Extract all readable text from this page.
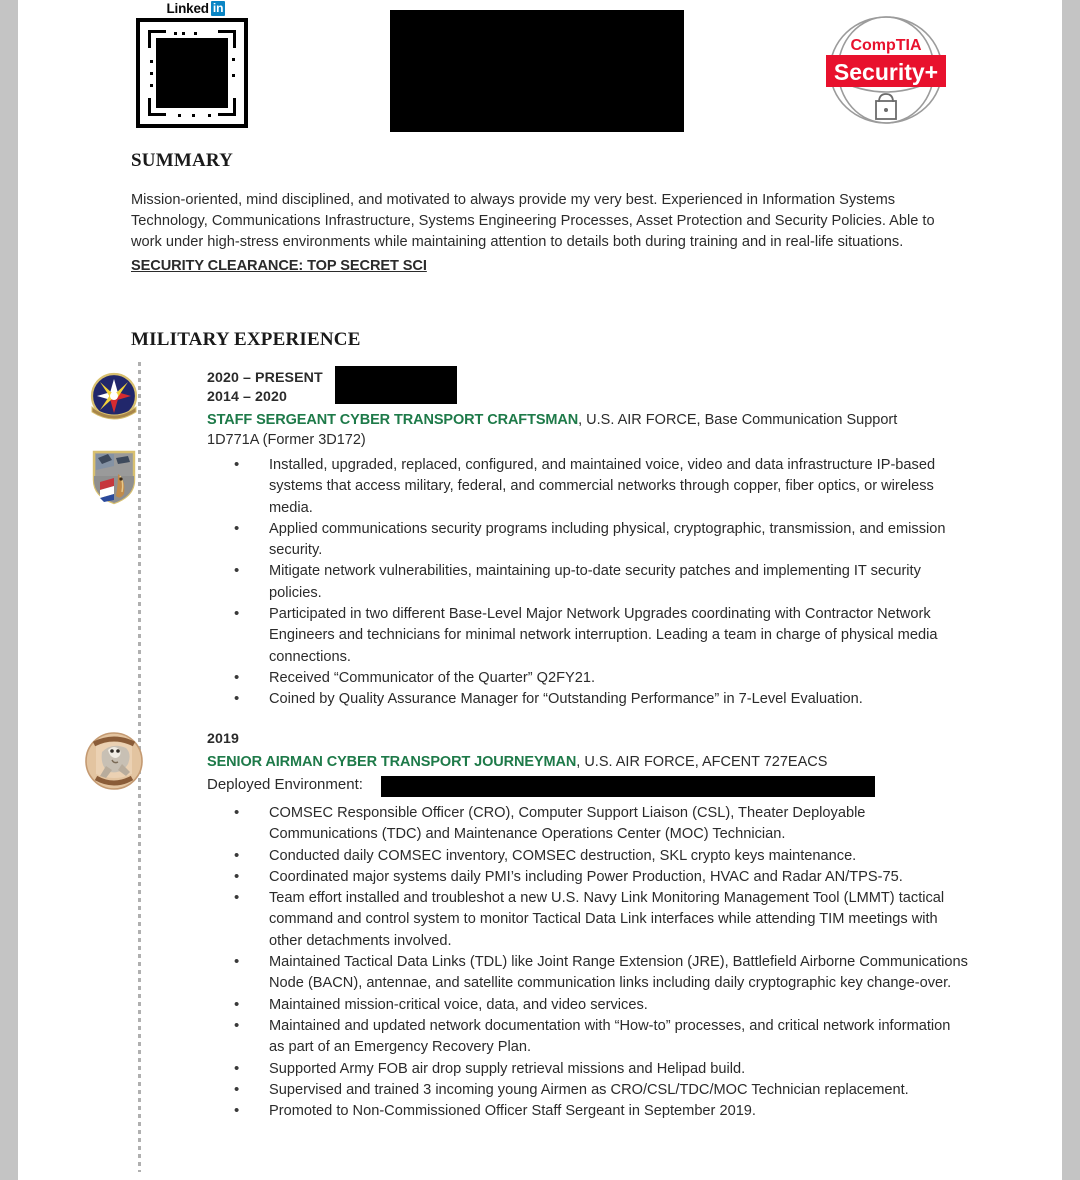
Linked in
CompTIA
Security+
SUMMARY
Mission-oriented, mind disciplined, and motivated to always provide my very best. Experienced in Information Systems Technology, Communications Infrastructure, Systems Engineering Processes, Asset Protection and Security Policies. Able to work under high-stress environments while maintaining attention to details both during training and in real-life situations.
SECURITY CLEARANCE: TOP SECRET SCI
MILITARY EXPERIENCE
2020 – PRESENT
2014 – 2020
STAFF SERGEANT CYBER TRANSPORT CRAFTSMAN, U.S. AIR FORCE, Base Communication Support
1D771A (Former 3D172)
• Installed, upgraded, replaced, configured, and maintained voice, video and data infrastructure IP-based systems that access military, federal, and commercial networks through copper, fiber optics, or wireless media.
• Applied communications security programs including physical, cryptographic, transmission, and emission security.
• Mitigate network vulnerabilities, maintaining up-to-date security patches and implementing IT security policies.
• Participated in two different Base-Level Major Network Upgrades coordinating with Contractor Network Engineers and technicians for minimal network interruption. Leading a team in charge of physical media connections.
• Received “Communicator of the Quarter” Q2FY21.
• Coined by Quality Assurance Manager for “Outstanding Performance” in 7-Level Evaluation.
2019
SENIOR AIRMAN CYBER TRANSPORT JOURNEYMAN, U.S. AIR FORCE, AFCENT 727EACS
Deployed Environment:
• COMSEC Responsible Officer (CRO), Computer Support Liaison (CSL), Theater Deployable Communications (TDC) and Maintenance Operations Center (MOC) Technician.
• Conducted daily COMSEC inventory, COMSEC destruction, SKL crypto keys maintenance.
• Coordinated major systems daily PMI’s including Power Production, HVAC and Radar AN/TPS-75.
• Team effort installed and troubleshot a new U.S. Navy Link Monitoring Management Tool (LMMT) tactical command and control system to monitor Tactical Data Link interfaces while attending TIM meetings with other detachments involved.
• Maintained Tactical Data Links (TDL) like Joint Range Extension (JRE), Battlefield Airborne Communications Node (BACN), antennae, and satellite communication links including daily cryptographic key change-over.
• Maintained mission-critical voice, data, and video services.
• Maintained and updated network documentation with “How-to” processes, and critical network information as part of an Emergency Recovery Plan.
• Supported Army FOB air drop supply retrieval missions and Helipad build.
• Supervised and trained 3 incoming young Airmen as CRO/CSL/TDC/MOC Technician replacement.
• Promoted to Non-Commissioned Officer Staff Sergeant in September 2019.
